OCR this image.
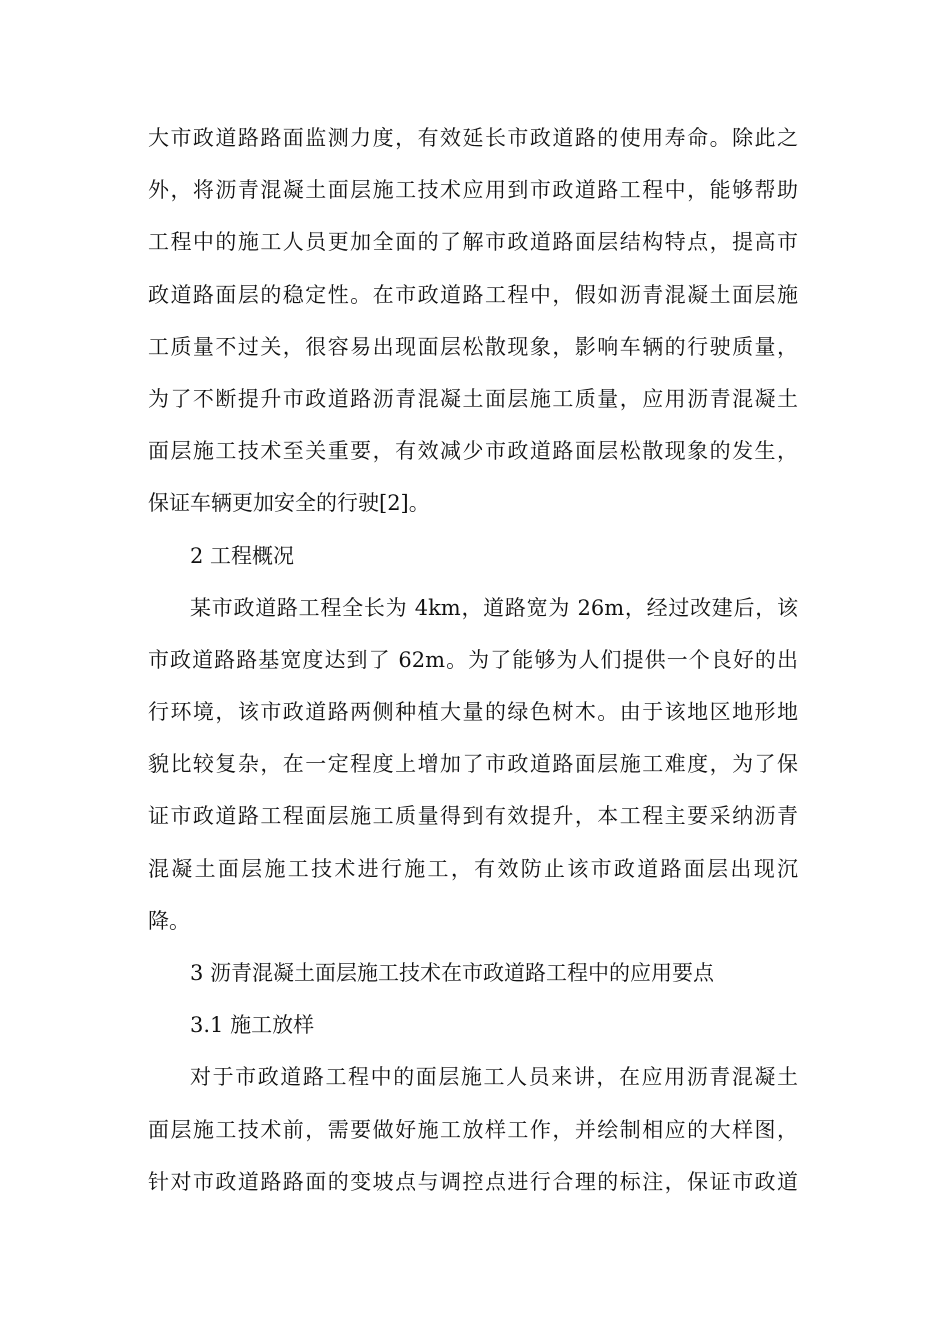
大市政道路路面监测力度，有效延长市政道路的使用寿命。除此之
外，将沥青混凝土面层施工技术应用到市政道路工程中，能够帮助
工程中的施工人员更加全面的了解市政道路面层结构特点，提高市
政道路面层的稳定性。在市政道路工程中，假如沥青混凝土面层施
工质量不过关，很容易出现面层松散现象，影响车辆的行驶质量，
为了不断提升市政道路沥青混凝土面层施工质量，应用沥青混凝土
面层施工技术至关重要，有效减少市政道路面层松散现象的发生，
保证车辆更加安全的行驶[2]。
2 工程概况
某市政道路工程全长为 4km，道路宽为 26m，经过改建后，该
市政道路路基宽度达到了 62m。为了能够为人们提供一个良好的出
行环境，该市政道路两侧种植大量的绿色树木。由于该地区地形地
貌比较复杂，在一定程度上增加了市政道路面层施工难度，为了保
证市政道路工程面层施工质量得到有效提升，本工程主要采纳沥青
混凝土面层施工技术进行施工，有效防止该市政道路面层出现沉
降。
3 沥青混凝土面层施工技术在市政道路工程中的应用要点
3.1 施工放样
对于市政道路工程中的面层施工人员来讲，在应用沥青混凝土
面层施工技术前，需要做好施工放样工作，并绘制相应的大样图，
针对市政道路路面的变坡点与调控点进行合理的标注，保证市政道
